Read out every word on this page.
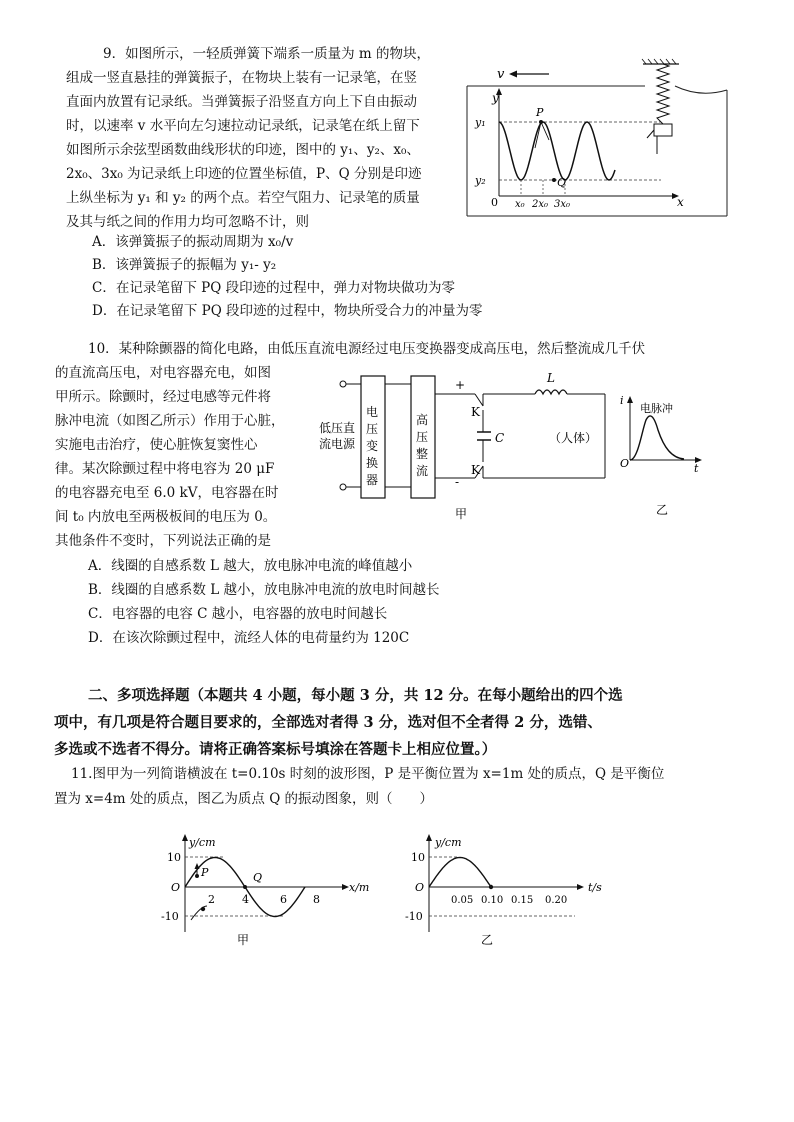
9．如图所示，一轻质弹簧下端系一质量为 m 的物块，
组成一竖直悬挂的弹簧振子，在物块上装有一记录笔，在竖
直面内放置有记录纸。当弹簧振子沿竖直方向上下自由振动
时，以速率 v 水平向左匀速拉动记录纸，记录笔在纸上留下
如图所示余弦型函数曲线形状的印迹，图中的 y₁、y₂、x₀、
2x₀、3x₀ 为记录纸上印迹的位置坐标值，P、Q 分别是印迹
上纵坐标为 y₁ 和 y₂ 的两个点。若空气阻力、记录笔的质量
及其与纸之间的作用力均可忽略不计，则
A．该弹簧振子的振动周期为 x₀/v
B．该弹簧振子的振幅为 y₁- y₂
C．在记录笔留下 PQ 段印迹的过程中，弹力对物块做功为零
D．在记录笔留下 PQ 段印迹的过程中，物块所受合力的冲量为零
v
y
x
0
y₁
y₂
x₀ 2x₀ 3x₀
P
Q
10．某种除颤器的简化电路，由低压直流电源经过电压变换器变成高压电，然后整流成几千伏
的直流高压电，对电容器充电，如图
甲所示。除颤时，经过电感等元件将
脉冲电流（如图乙所示）作用于心脏，
实施电击治疗，使心脏恢复窦性心
律。某次除颤过程中将电容为 20 μF
的电容器充电至 6.0 kV，电容器在时
间 t₀ 内放电至两极板间的电压为 0。
其他条件不变时，下列说法正确的是
A．线圈的自感系数 L 越大，放电脉冲电流的峰值越小
B．线圈的自感系数 L 越小，放电脉冲电流的放电时间越长
C．电容器的电容 C 越小，电容器的放电时间越长
D．在该次除颤过程中，流经人体的电荷量约为 120C
低压直
流电源
电
压
变
换
器
高
压
整
流
+
-
K
K
C
L
（人体）
甲
i
电脉冲
O	t
乙
二、多项选择题（本题共 4 小题，每小题 3 分，共 12 分。在每小题给出的四个选
项中，有几项是符合题目要求的，全部选对者得 3 分，选对但不全者得 2 分，选错、
多选或不选者不得分。请将正确答案标号填涂在答题卡上相应位置。）
11.图甲为一列简谐横波在 t=0.10s 时刻的波形图，P 是平衡位置为 x=1m 处的质点，Q 是平衡位
置为 x=4m 处的质点，图乙为质点 Q 的振动图象，则（　　）
y/cm
x/m
10
-10
O
2 4	6 8
P	Q
甲
y/cm
t/s
10
-10
O
0.05 0.10 0.15 0.20
乙
